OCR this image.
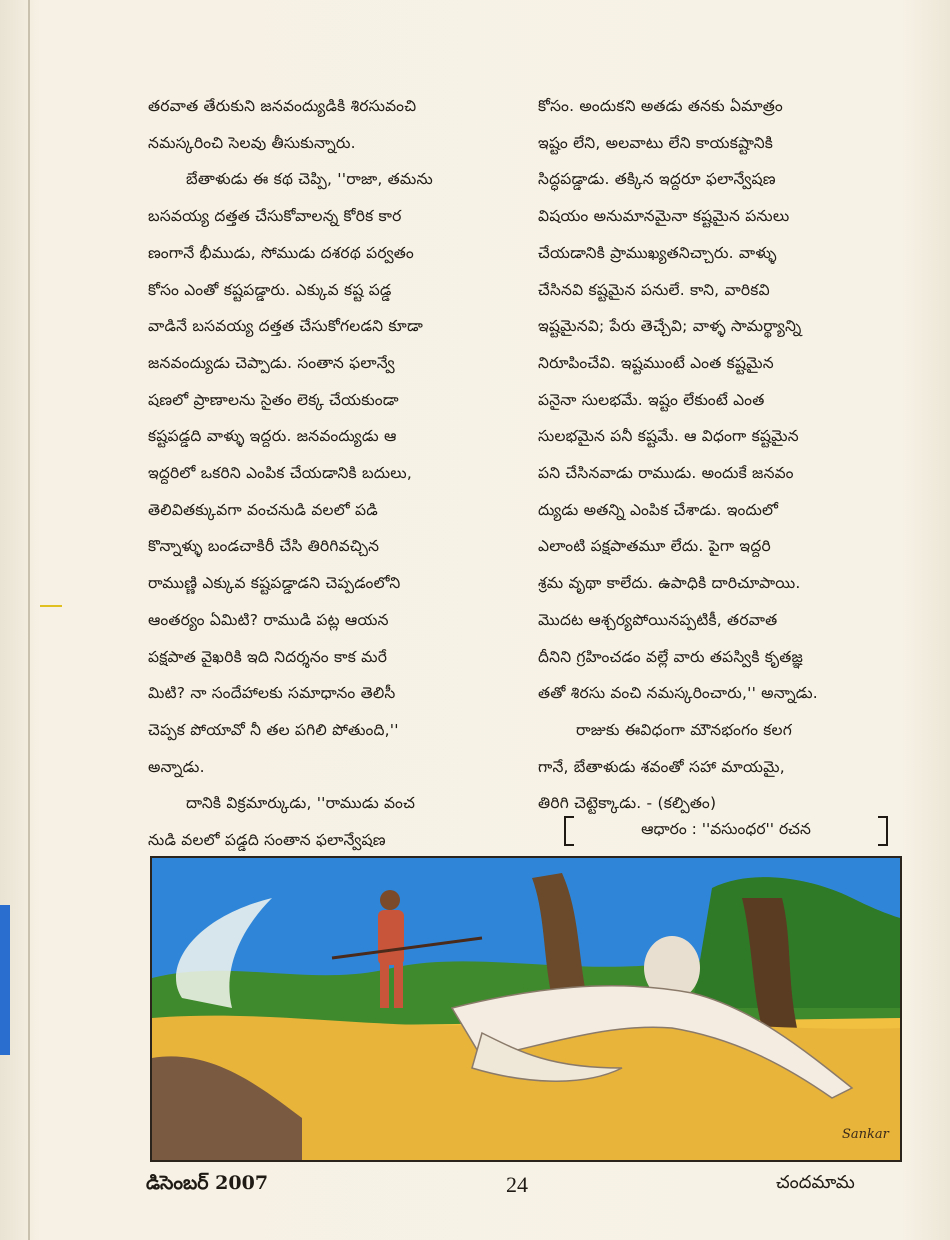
తరవాత తేరుకుని జనవంద్యుడికి శిరసువంచి
నమస్కరించి సెలవు తీసుకున్నారు.
బేతాళుడు ఈ కథ చెప్పి, ''రాజా, తమను
బసవయ్య దత్తత చేసుకోవాలన్న కోరిక కార
ణంగానే భీముడు, సోముడు దశరథ పర్వతం
కోసం ఎంతో కష్టపడ్డారు. ఎక్కువ కష్ట పడ్డ
వాడినే బసవయ్య దత్తత చేసుకోగలడని కూడా
జనవంద్యుడు చెప్పాడు. సంతాన ఫలాన్వే
షణలో ప్రాణాలను సైతం లెక్క చేయకుండా
కష్టపడ్డది వాళ్ళు ఇద్దరు. జనవంద్యుడు ఆ
ఇద్దరిలో ఒకరిని ఎంపిక చేయడానికి బదులు,
తెలివితక్కువగా వంచనుడి వలలో పడి
కొన్నాళ్ళు బండచాకిరీ చేసి తిరిగివచ్చిన
రాముణ్ణి ఎక్కువ కష్టపడ్డాడని చెప్పడంలోని
ఆంతర్యం ఏమిటి? రాముడి పట్ల ఆయన
పక్షపాత వైఖరికి ఇది నిదర్శనం కాక మరే
మిటి? నా సందేహాలకు సమాధానం తెలిసీ
చెప్పక పోయావో నీ తల పగిలి పోతుంది,''
అన్నాడు.
దానికి విక్రమార్కుడు, ''రాముడు వంచ
నుడి వలలో పడ్డది సంతాన ఫలాన్వేషణ
కోసం. అందుకని అతడు తనకు ఏమాత్రం
ఇష్టం లేని, అలవాటు లేని కాయకష్టానికి
సిద్ధపడ్డాడు. తక్కిన ఇద్దరూ ఫలాన్వేషణ
విషయం అనుమానమైనా కష్టమైన పనులు
చేయడానికి ప్రాముఖ్యతనిచ్చారు. వాళ్ళు
చేసినవి కష్టమైన పనులే. కాని, వారికవి
ఇష్టమైనవి; పేరు తెచ్చేవి; వాళ్ళ సామర్థ్యాన్ని
నిరూపించేవి. ఇష్టముంటే ఎంత కష్టమైన
పనైనా సులభమే. ఇష్టం లేకుంటే ఎంత
సులభమైన పనీ కష్టమే. ఆ విధంగా కష్టమైన
పని చేసినవాడు రాముడు. అందుకే జనవం
ద్యుడు అతన్ని ఎంపిక చేశాడు. ఇందులో
ఎలాంటి పక్షపాతమూ లేదు. పైగా ఇద్దరి
శ్రమ వృథా కాలేదు. ఉపాధికి దారిచూపాయి.
మొదట ఆశ్చర్యపోయినప్పటికీ, తరవాత
దీనిని గ్రహించడం వల్లే వారు తపస్వికి కృతజ్ఞ
తతో శిరసు వంచి నమస్కరించారు,'' అన్నాడు.
రాజుకు ఈవిధంగా మౌనభంగం కలగ
గానే, బేతాళుడు శవంతో సహా మాయమై,
తిరిగి చెట్టెక్కాడు. - (కల్పితం)
ఆధారం : ''వసుంధర'' రచన
Sankar
డిసెంబర్ 2007	24	చందమామ
